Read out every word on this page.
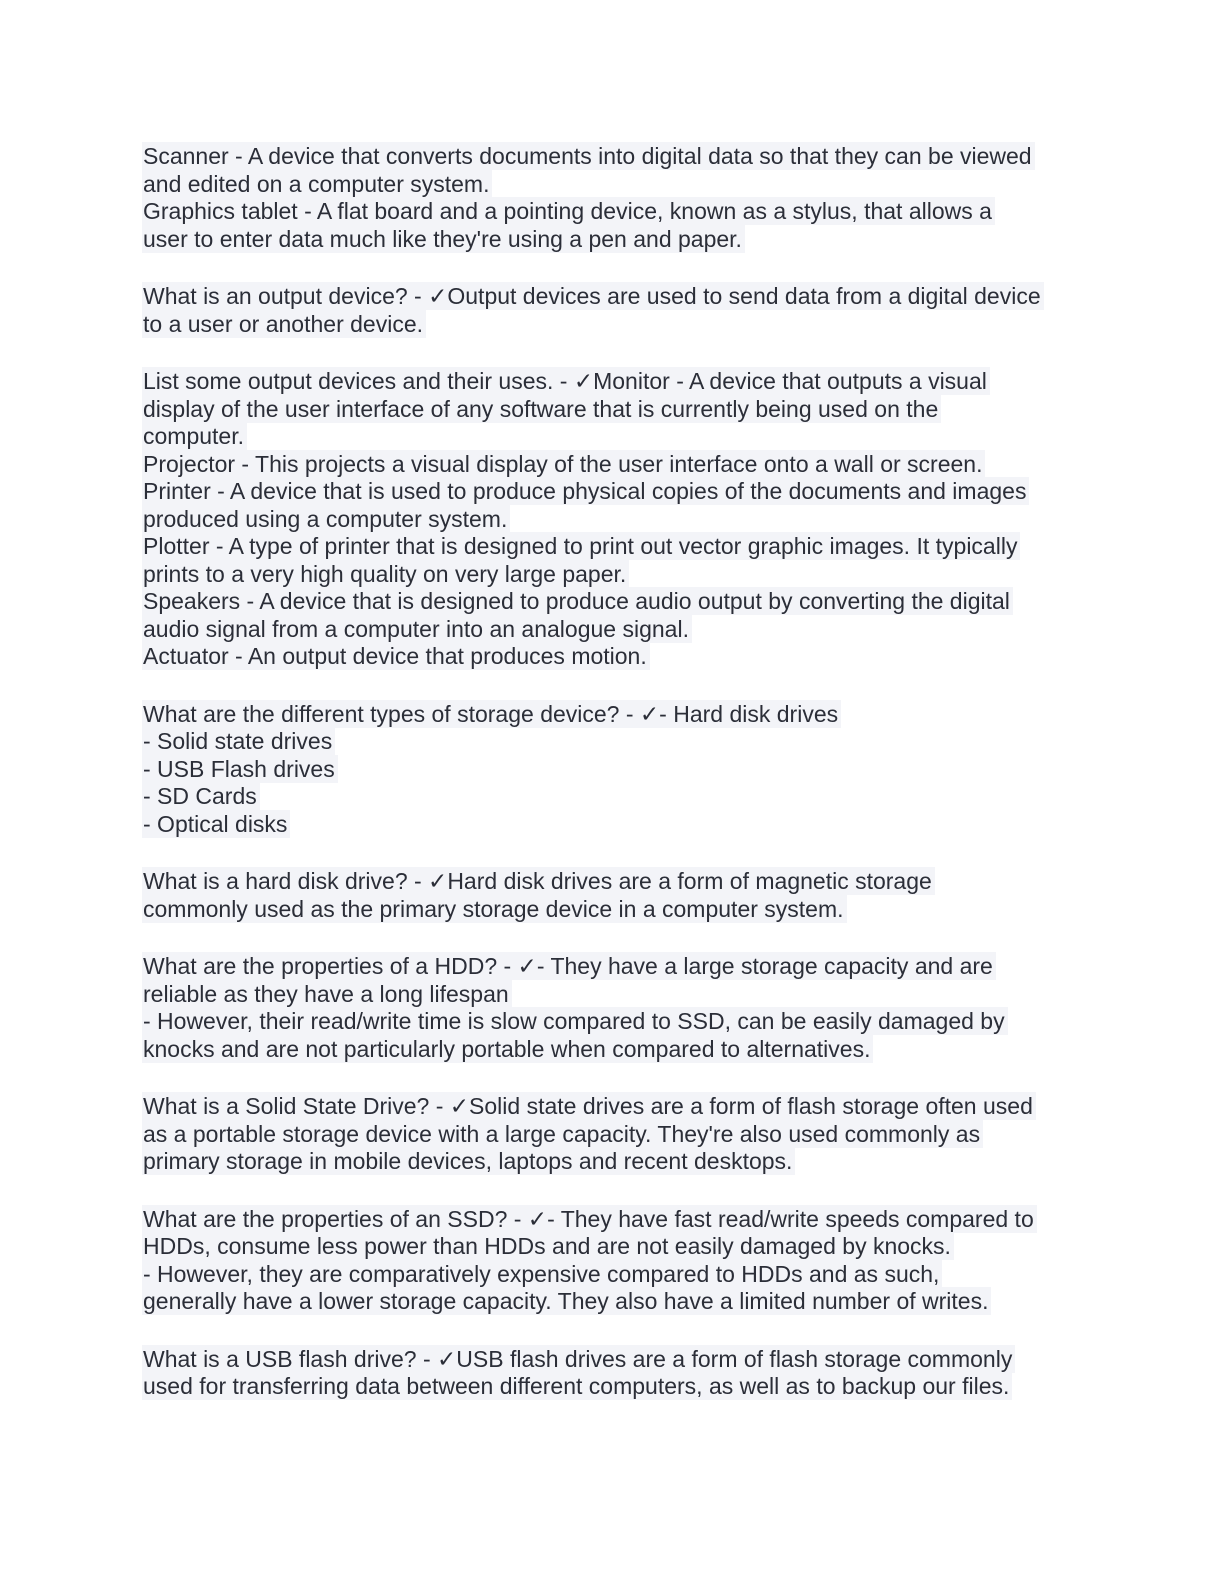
Scanner - A device that converts documents into digital data so that they can be viewed
and edited on a computer system.
Graphics tablet - A flat board and a pointing device, known as a stylus, that allows a
user to enter data much like they're using a pen and paper.
What is an output device? - ✓Output devices are used to send data from a digital device
to a user or another device.
List some output devices and their uses. - ✓Monitor - A device that outputs a visual
display of the user interface of any software that is currently being used on the
computer.
Projector - This projects a visual display of the user interface onto a wall or screen.
Printer - A device that is used to produce physical copies of the documents and images
produced using a computer system.
Plotter - A type of printer that is designed to print out vector graphic images. It typically
prints to a very high quality on very large paper.
Speakers - A device that is designed to produce audio output by converting the digital
audio signal from a computer into an analogue signal.
Actuator - An output device that produces motion.
What are the different types of storage device? - ✓- Hard disk drives
- Solid state drives
- USB Flash drives
- SD Cards
- Optical disks
What is a hard disk drive? - ✓Hard disk drives are a form of magnetic storage
commonly used as the primary storage device in a computer system.
What are the properties of a HDD? - ✓- They have a large storage capacity and are
reliable as they have a long lifespan
- However, their read/write time is slow compared to SSD, can be easily damaged by
knocks and are not particularly portable when compared to alternatives.
What is a Solid State Drive? - ✓Solid state drives are a form of flash storage often used
as a portable storage device with a large capacity. They're also used commonly as
primary storage in mobile devices, laptops and recent desktops.
What are the properties of an SSD? - ✓- They have fast read/write speeds compared to
HDDs, consume less power than HDDs and are not easily damaged by knocks.
- However, they are comparatively expensive compared to HDDs and as such,
generally have a lower storage capacity. They also have a limited number of writes.
What is a USB flash drive? - ✓USB flash drives are a form of flash storage commonly
used for transferring data between different computers, as well as to backup our files.
